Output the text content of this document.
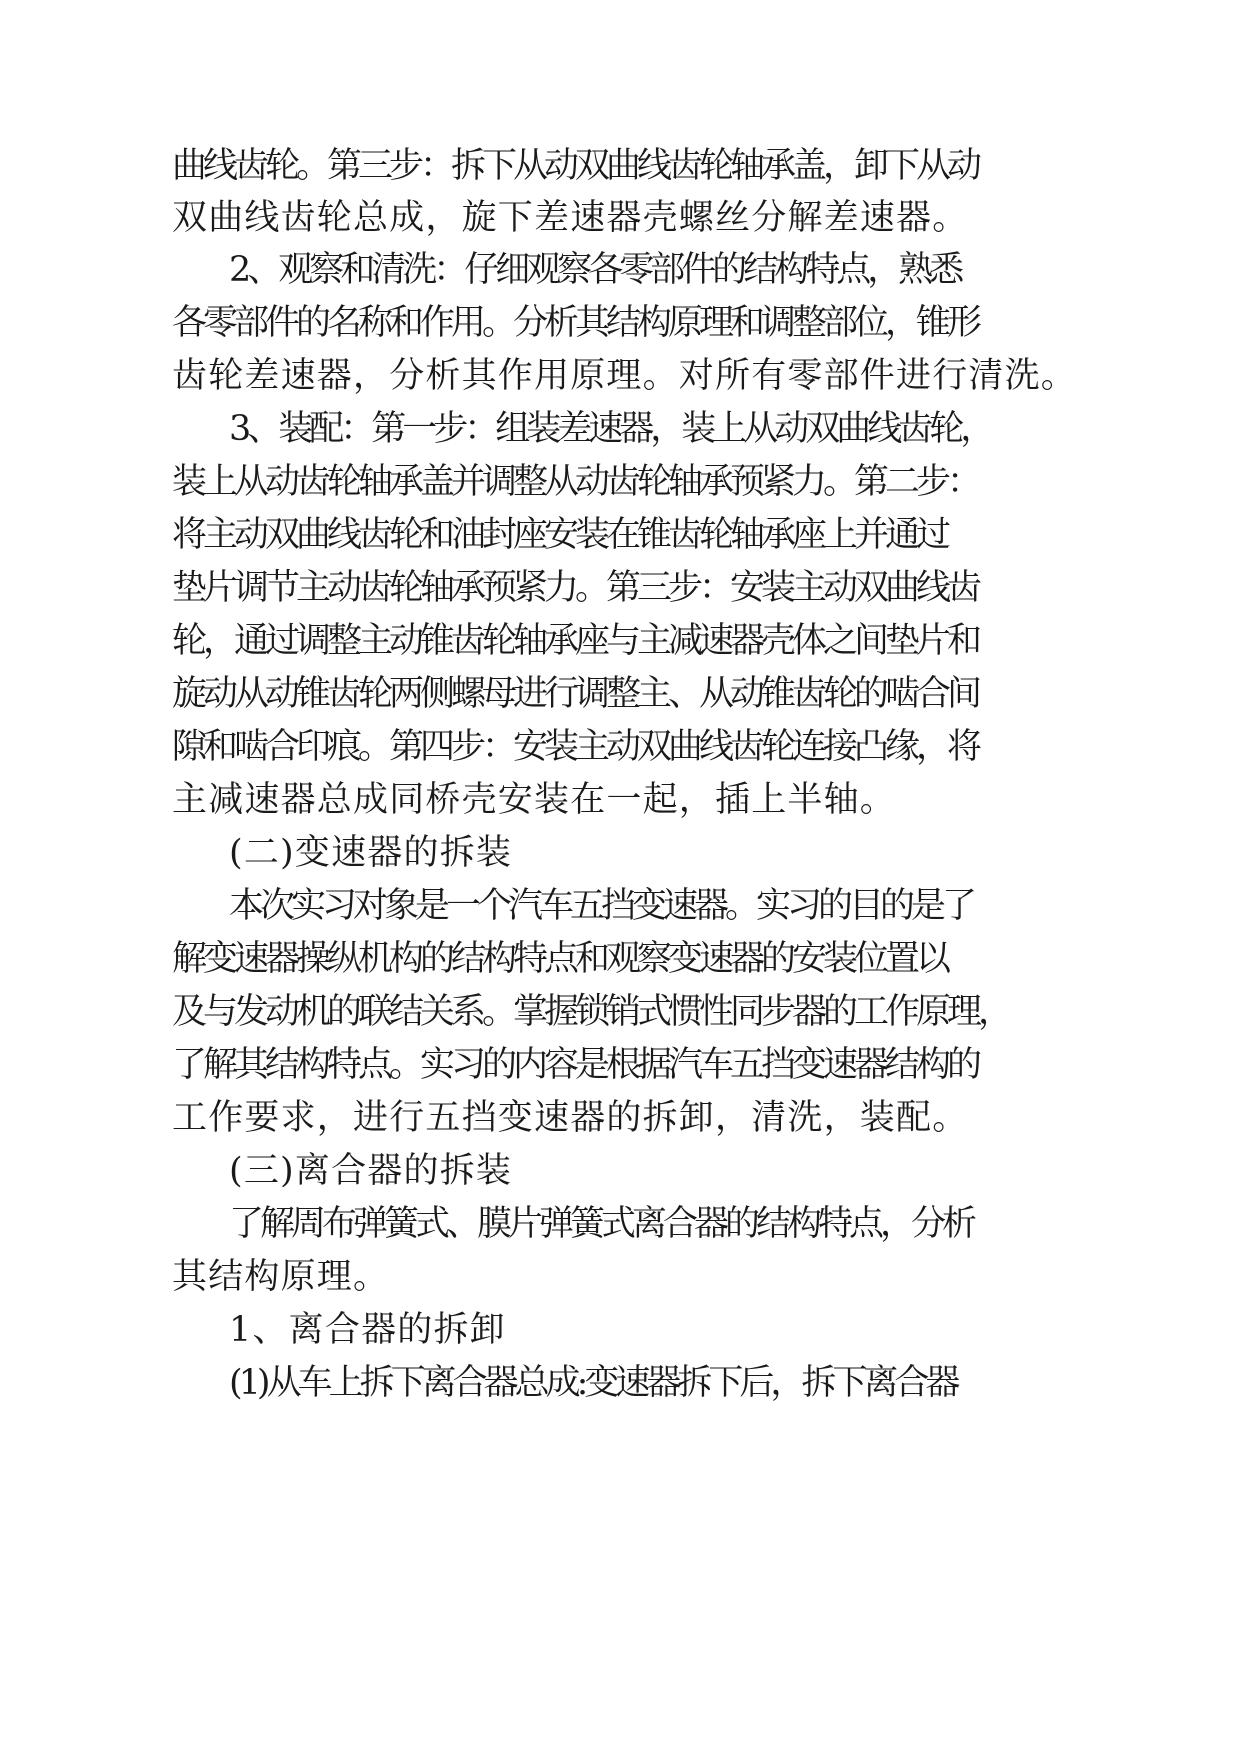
曲线齿轮。第三步：拆下从动双曲线齿轮轴承盖，卸下从动
双曲线齿轮总成，旋下差速器壳螺丝分解差速器。
2、观察和清洗：仔细观察各零部件的结构特点，熟悉
各零部件的名称和作用。分析其结构原理和调整部位，锥形
齿轮差速器，分析其作用原理。对所有零部件进行清洗。
3、装配：第一步：组装差速器，装上从动双曲线齿轮，
装上从动齿轮轴承盖并调整从动齿轮轴承预紧力。第二步：
将主动双曲线齿轮和油封座安装在锥齿轮轴承座上并通过
垫片调节主动齿轮轴承预紧力。第三步：安装主动双曲线齿
轮，通过调整主动锥齿轮轴承座与主减速器壳体之间垫片和
旋动从动锥齿轮两侧螺母进行调整主、从动锥齿轮的啮合间
隙和啮合印痕。第四步：安装主动双曲线齿轮连接凸缘，将
主减速器总成同桥壳安装在一起，插上半轴。
(二)变速器的拆装
本次实习对象是一个汽车五挡变速器。实习的目的是了
解变速器操纵机构的结构特点和观察变速器的安装位置以
及与发动机的联结关系。掌握锁销式惯性同步器的工作原理，
了解其结构特点。实习的内容是根据汽车五挡变速器结构的
工作要求，进行五挡变速器的拆卸，清洗，装配。
(三)离合器的拆装
了解周布弹簧式、膜片弹簧式离合器的结构特点，分析
其结构原理。
1、离合器的拆卸
(1)从车上拆下离合器总成:变速器拆下后，拆下离合器
